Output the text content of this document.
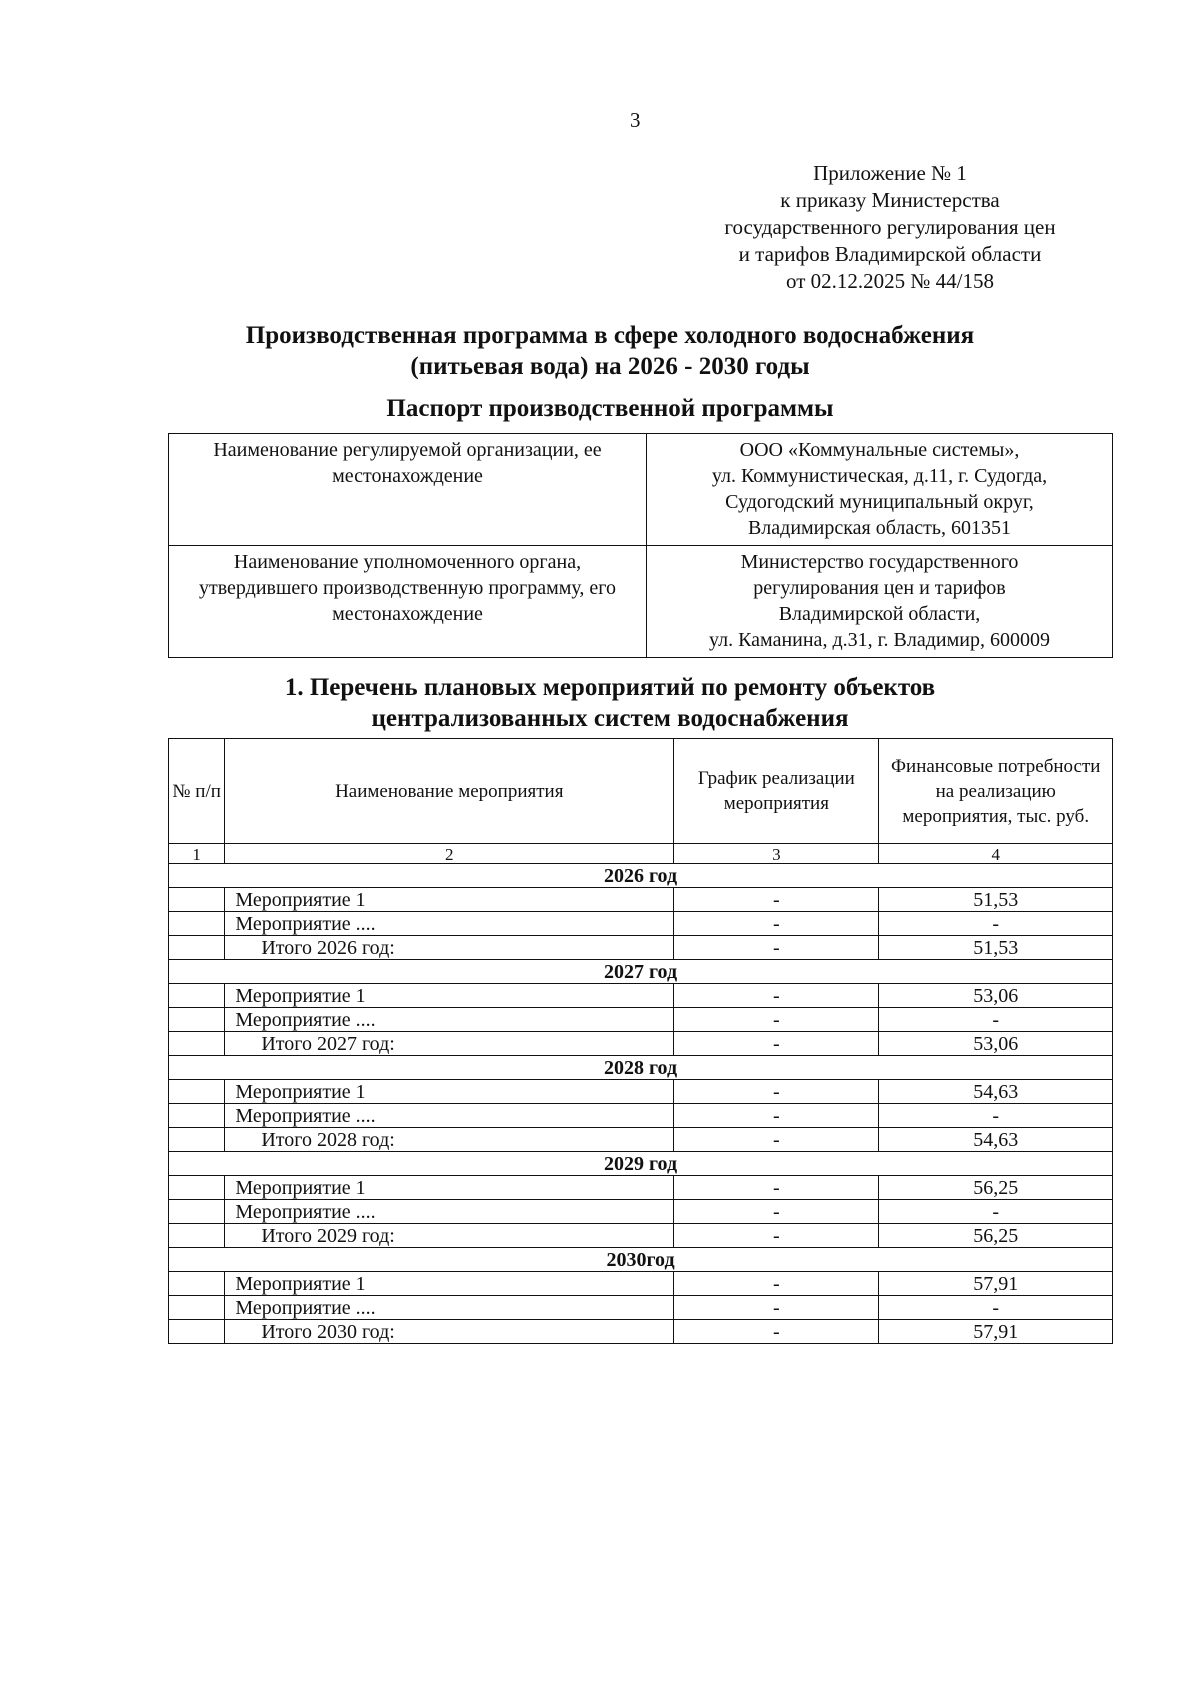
3
Приложение № 1
к приказу Министерства
государственного регулирования цен
и тарифов Владимирской области
от 02.12.2025 № 44/158
Производственная программа в сфере холодного водоснабжения
(питьевая вода) на 2026 - 2030 годы
Паспорт производственной программы
Наименование регулируемой организации, ее местонахождение	ООО «Коммунальные системы»,
ул. Коммунистическая, д.11, г. Судогда,
Судогодский муниципальный округ,
Владимирская область, 601351

Наименование уполномоченного органа, утвердившего производственную программу, его местонахождение	Министерство государственного
регулирования цен и тарифов
Владимирской области,
ул. Каманина, д.31, г. Владимир, 600009
1. Перечень плановых мероприятий по ремонту объектов
централизованных систем водоснабжения
№ п/п	Наименование мероприятия	График реализации мероприятия	Финансовые потребности на реализацию мероприятия, тыс. руб.
1	2	3	4
2026 год			
	Мероприятие 1	-	51,53
	Мероприятие ....	-	-
	Итого 2026 год:	-	51,53
2027 год			
	Мероприятие 1	-	53,06
	Мероприятие ....	-	-
	Итого 2027 год:	-	53,06
2028 год			
	Мероприятие 1	-	54,63
	Мероприятие ....	-	-
	Итого 2028 год:	-	54,63
2029 год			
	Мероприятие 1	-	56,25
	Мероприятие ....	-	-
	Итого 2029 год:	-	56,25
2030год			
	Мероприятие 1	-	57,91
	Мероприятие ....	-	-
	Итого 2030 год:	-	57,91
